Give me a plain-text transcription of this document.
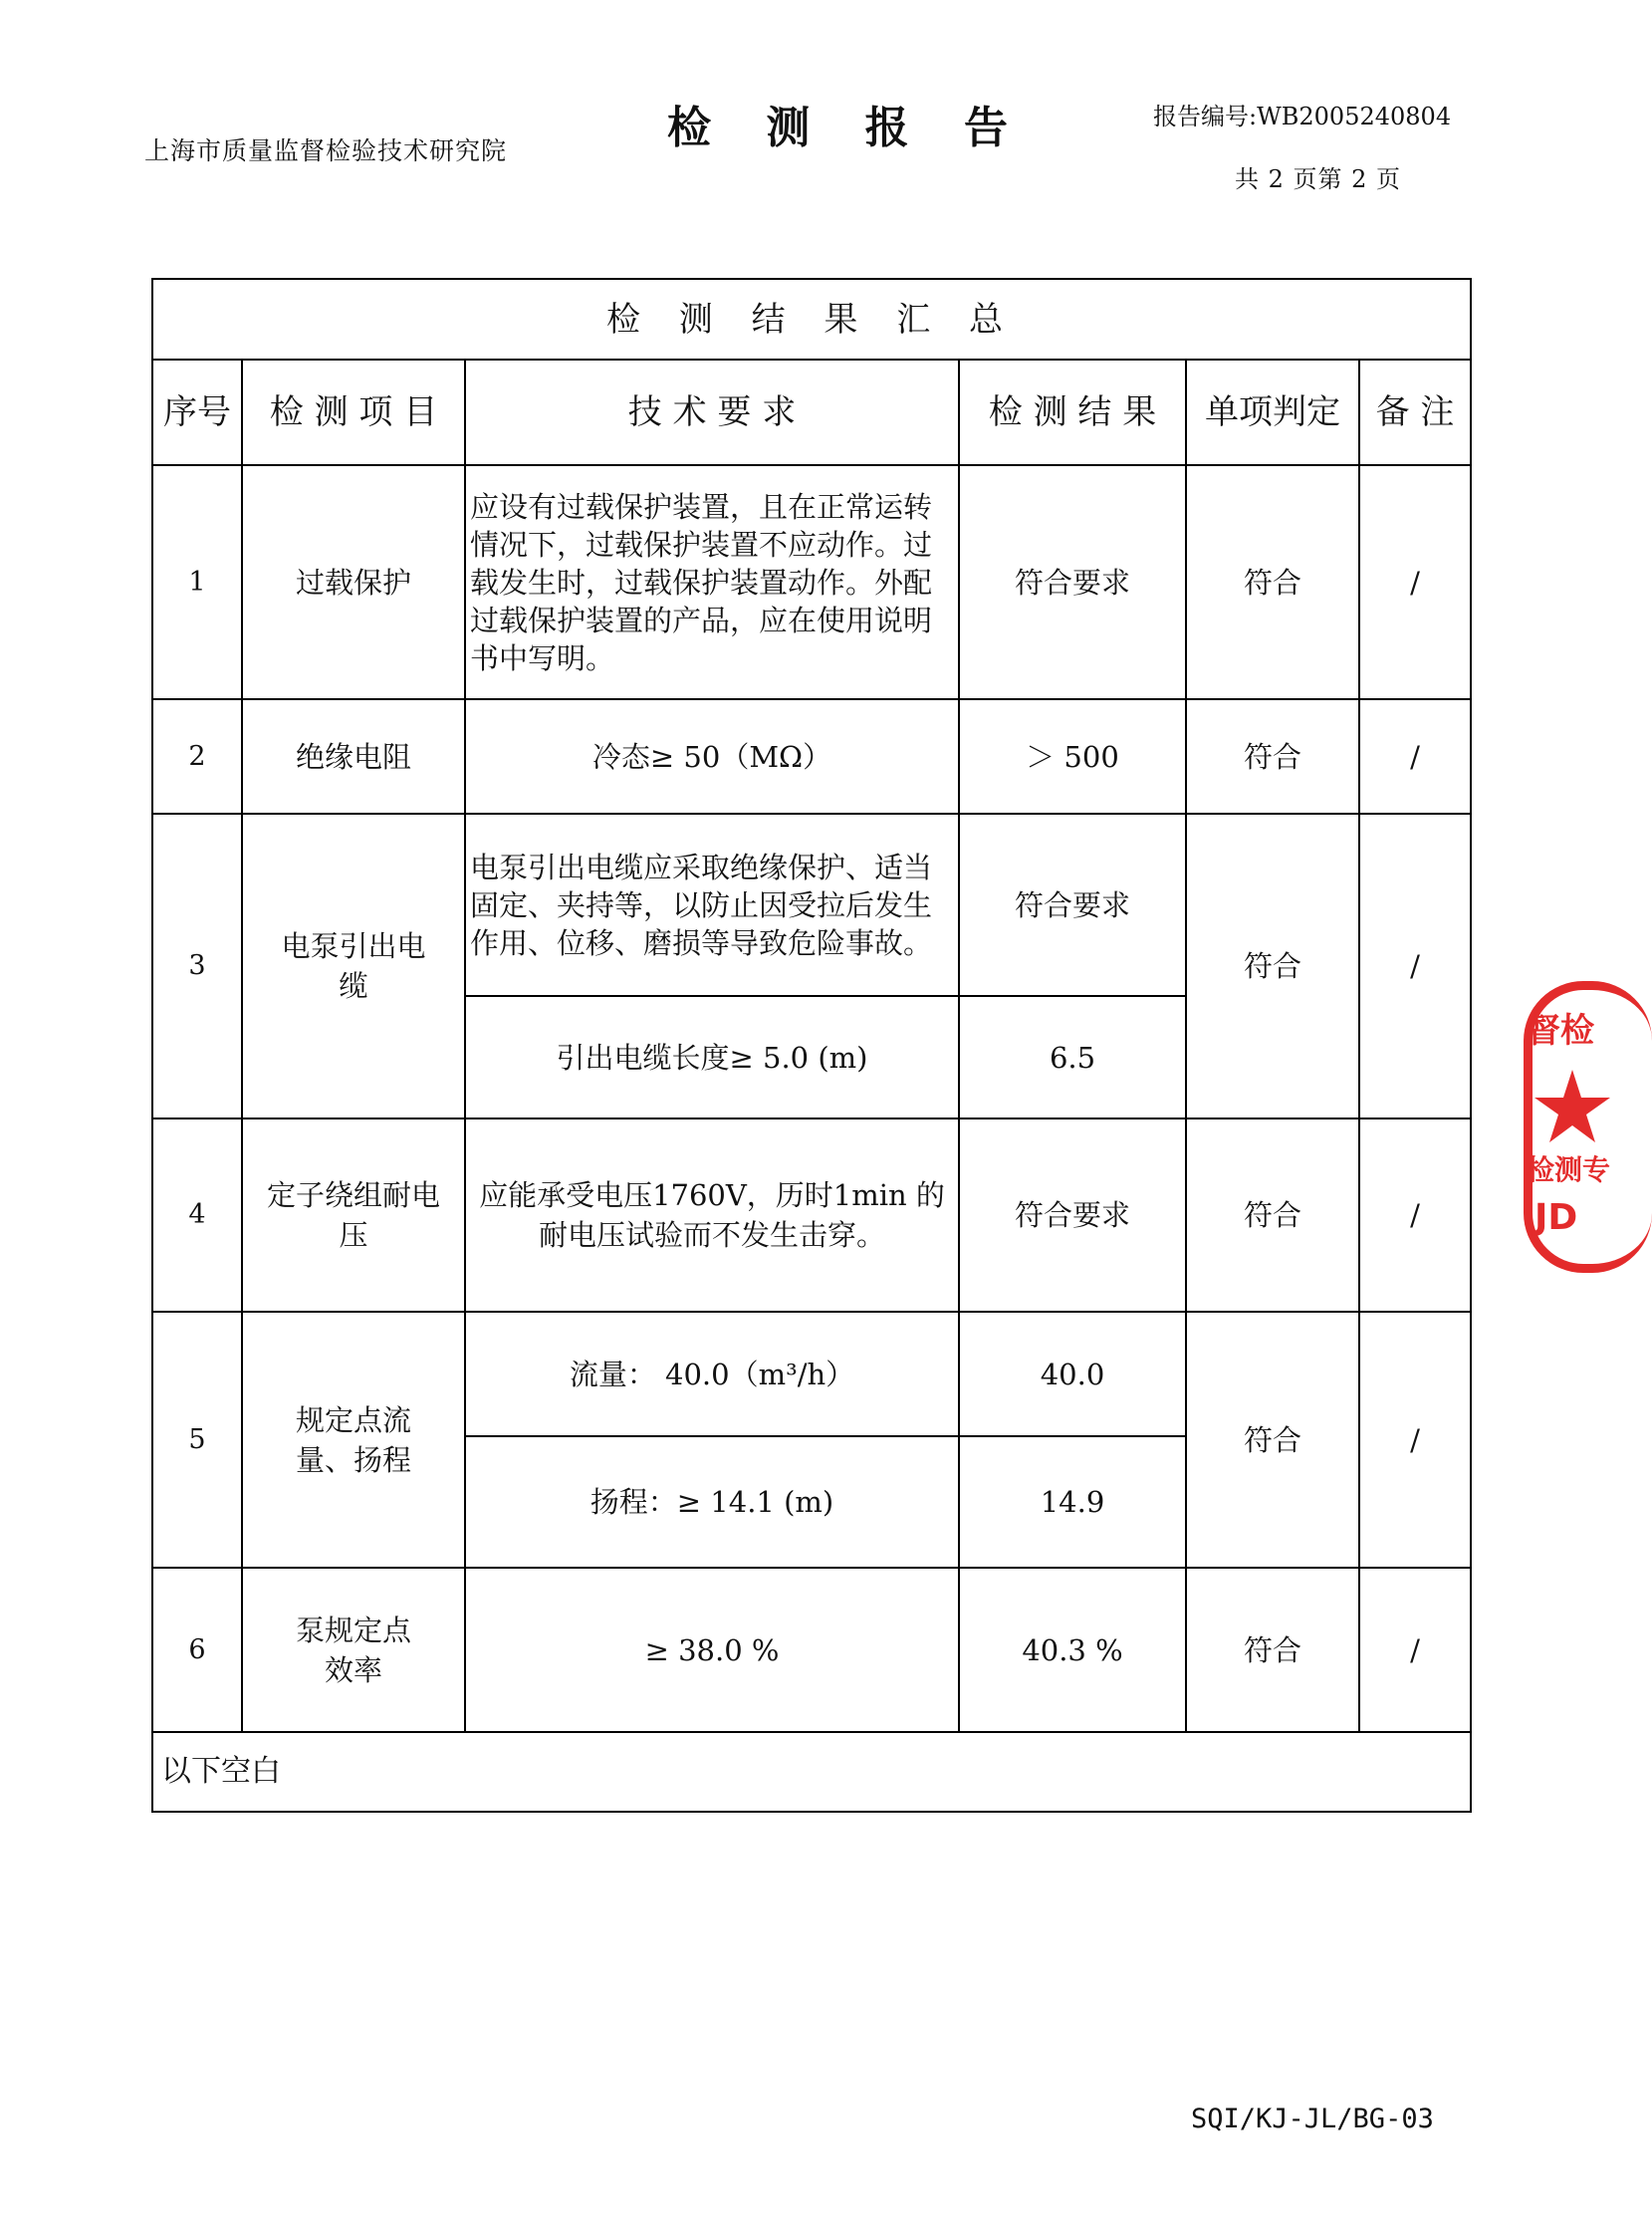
上海市质量监督检验技术研究院	检 测 报 告	报告编号:WB2005240804
共 2 页第 2 页
检 测 结 果 汇 总					
序号	检 测 项 目	技 术 要 求	检 测 结 果	单项判定	备 注
1	过载保护	应设有过载保护装置，且在正常运转情况下，过载保护装置不应动作。过载发生时，过载保护装置动作。外配过载保护装置的产品，应在使用说明书中写明。	符合要求	符合	/
2	绝缘电阻	冷态≥ 50（MΩ）	＞ 500	符合	/
3	电泵引出电缆	电泵引出电缆应采取绝缘保护、适当固定、夹持等，以防止因受拉后发生作用、位移、磨损等导致危险事故。	符合要求	符合	/
		引出电缆长度≥ 5.0 (m)	6.5		
4	定子绕组耐电压	应能承受电压1760V，历时1min 的耐电压试验而不发生击穿。	符合要求	符合	/
5	规定点流量、扬程	流量： 40.0（m³/h）	40.0	符合	/
		扬程：≥ 14.1 (m)	14.9		
6	泵规定点效率	≥ 38.0 %	40.3 %	符合	/
以下空白					
督检
检测专
JD
SQI/KJ-JL/BG-03
